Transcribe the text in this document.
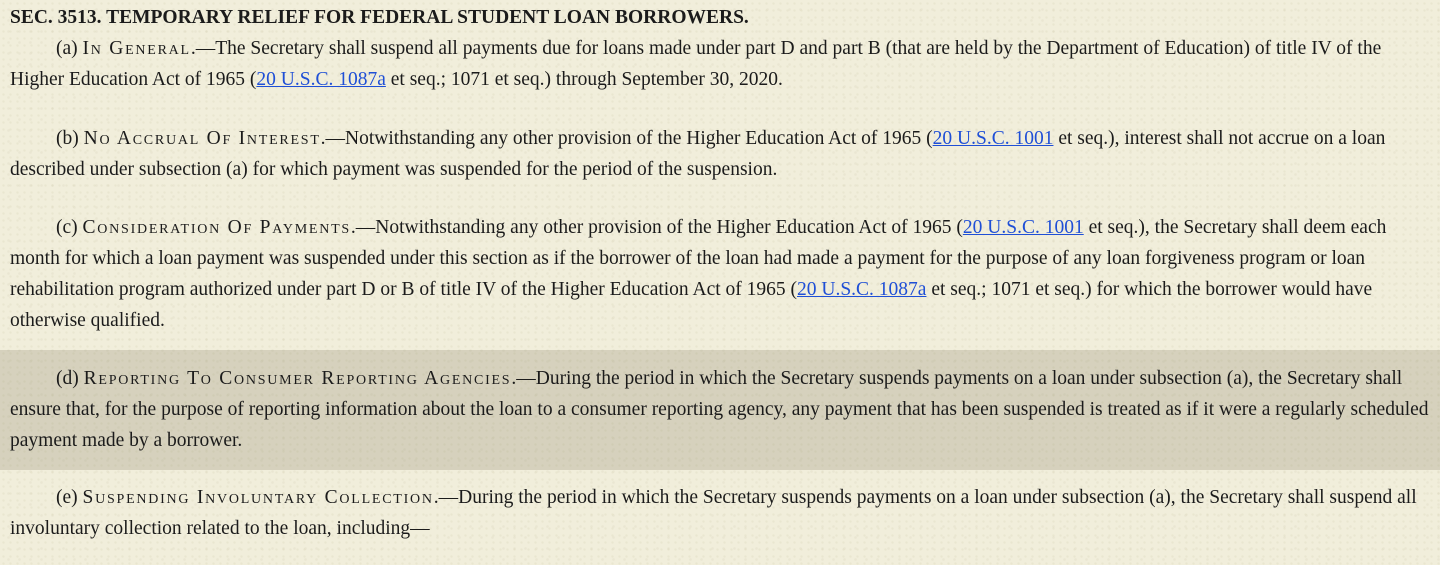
SEC. 3513. TEMPORARY RELIEF FOR FEDERAL STUDENT LOAN BORROWERS.
(a) In General.—The Secretary shall suspend all payments due for loans made under part D and part B (that are held by the Department of Education) of title IV of the Higher Education Act of 1965 (20 U.S.C. 1087a et seq.; 1071 et seq.) through September 30, 2020.
(b) No Accrual Of Interest.—Notwithstanding any other provision of the Higher Education Act of 1965 (20 U.S.C. 1001 et seq.), interest shall not accrue on a loan described under subsection (a) for which payment was suspended for the period of the suspension.
(c) Consideration Of Payments.—Notwithstanding any other provision of the Higher Education Act of 1965 (20 U.S.C. 1001 et seq.), the Secretary shall deem each month for which a loan payment was suspended under this section as if the borrower of the loan had made a payment for the purpose of any loan forgiveness program or loan rehabilitation program authorized under part D or B of title IV of the Higher Education Act of 1965 (20 U.S.C. 1087a et seq.; 1071 et seq.) for which the borrower would have otherwise qualified.
(d) Reporting To Consumer Reporting Agencies.—During the period in which the Secretary suspends payments on a loan under subsection (a), the Secretary shall ensure that, for the purpose of reporting information about the loan to a consumer reporting agency, any payment that has been suspended is treated as if it were a regularly scheduled payment made by a borrower.
(e) Suspending Involuntary Collection.—During the period in which the Secretary suspends payments on a loan under subsection (a), the Secretary shall suspend all involuntary collection related to the loan, including—
